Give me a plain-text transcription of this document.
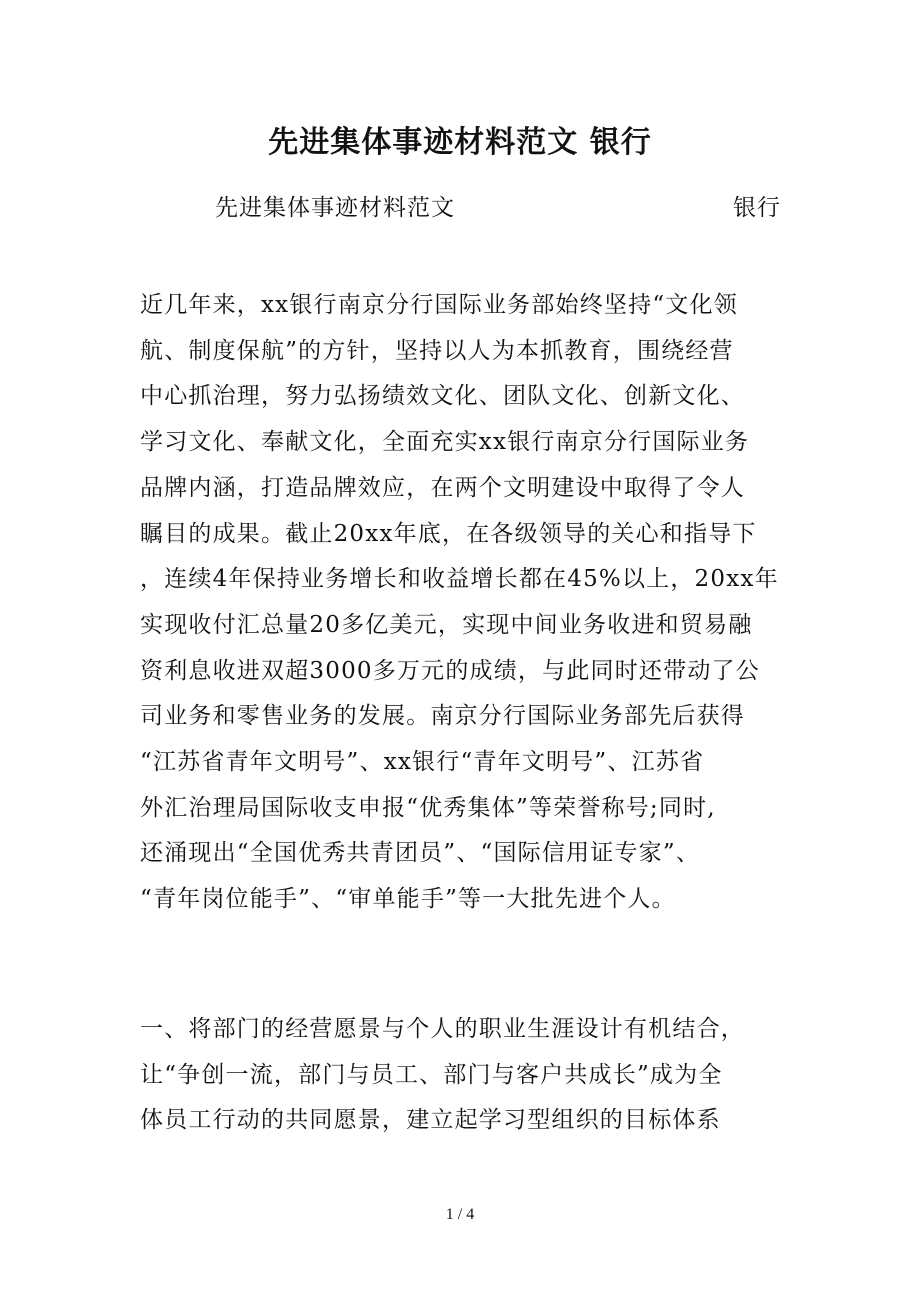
先进集体事迹材料范文 银行
先进集体事迹材料范文	银行

近几年来，xx银行南京分行国际业务部始终坚持“文化领
航、制度保航”的方针，坚持以人为本抓教育，围绕经营
中心抓治理，努力弘扬绩效文化、团队文化、创新文化、
学习文化、奉献文化，全面充实xx银行南京分行国际业务
品牌内涵，打造品牌效应，在两个文明建设中取得了令人
瞩目的成果。截止20xx年底，在各级领导的关心和指导下
，连续4年保持业务增长和收益增长都在45%以上，20xx年
实现收付汇总量20多亿美元，实现中间业务收进和贸易融
资利息收进双超3000多万元的成绩，与此同时还带动了公
司业务和零售业务的发展。南京分行国际业务部先后获得
“江苏省青年文明号”、xx银行“青年文明号”、江苏省
外汇治理局国际收支申报“优秀集体”等荣誉称号;同时,
还涌现出“全国优秀共青团员”、“国际信用证专家”、
“青年岗位能手”、“审单能手”等一大批先进个人。

一、将部门的经营愿景与个人的职业生涯设计有机结合，
让“争创一流，部门与员工、部门与客户共成长”成为全
体员工行动的共同愿景，建立起学习型组织的目标体系

1 / 4
